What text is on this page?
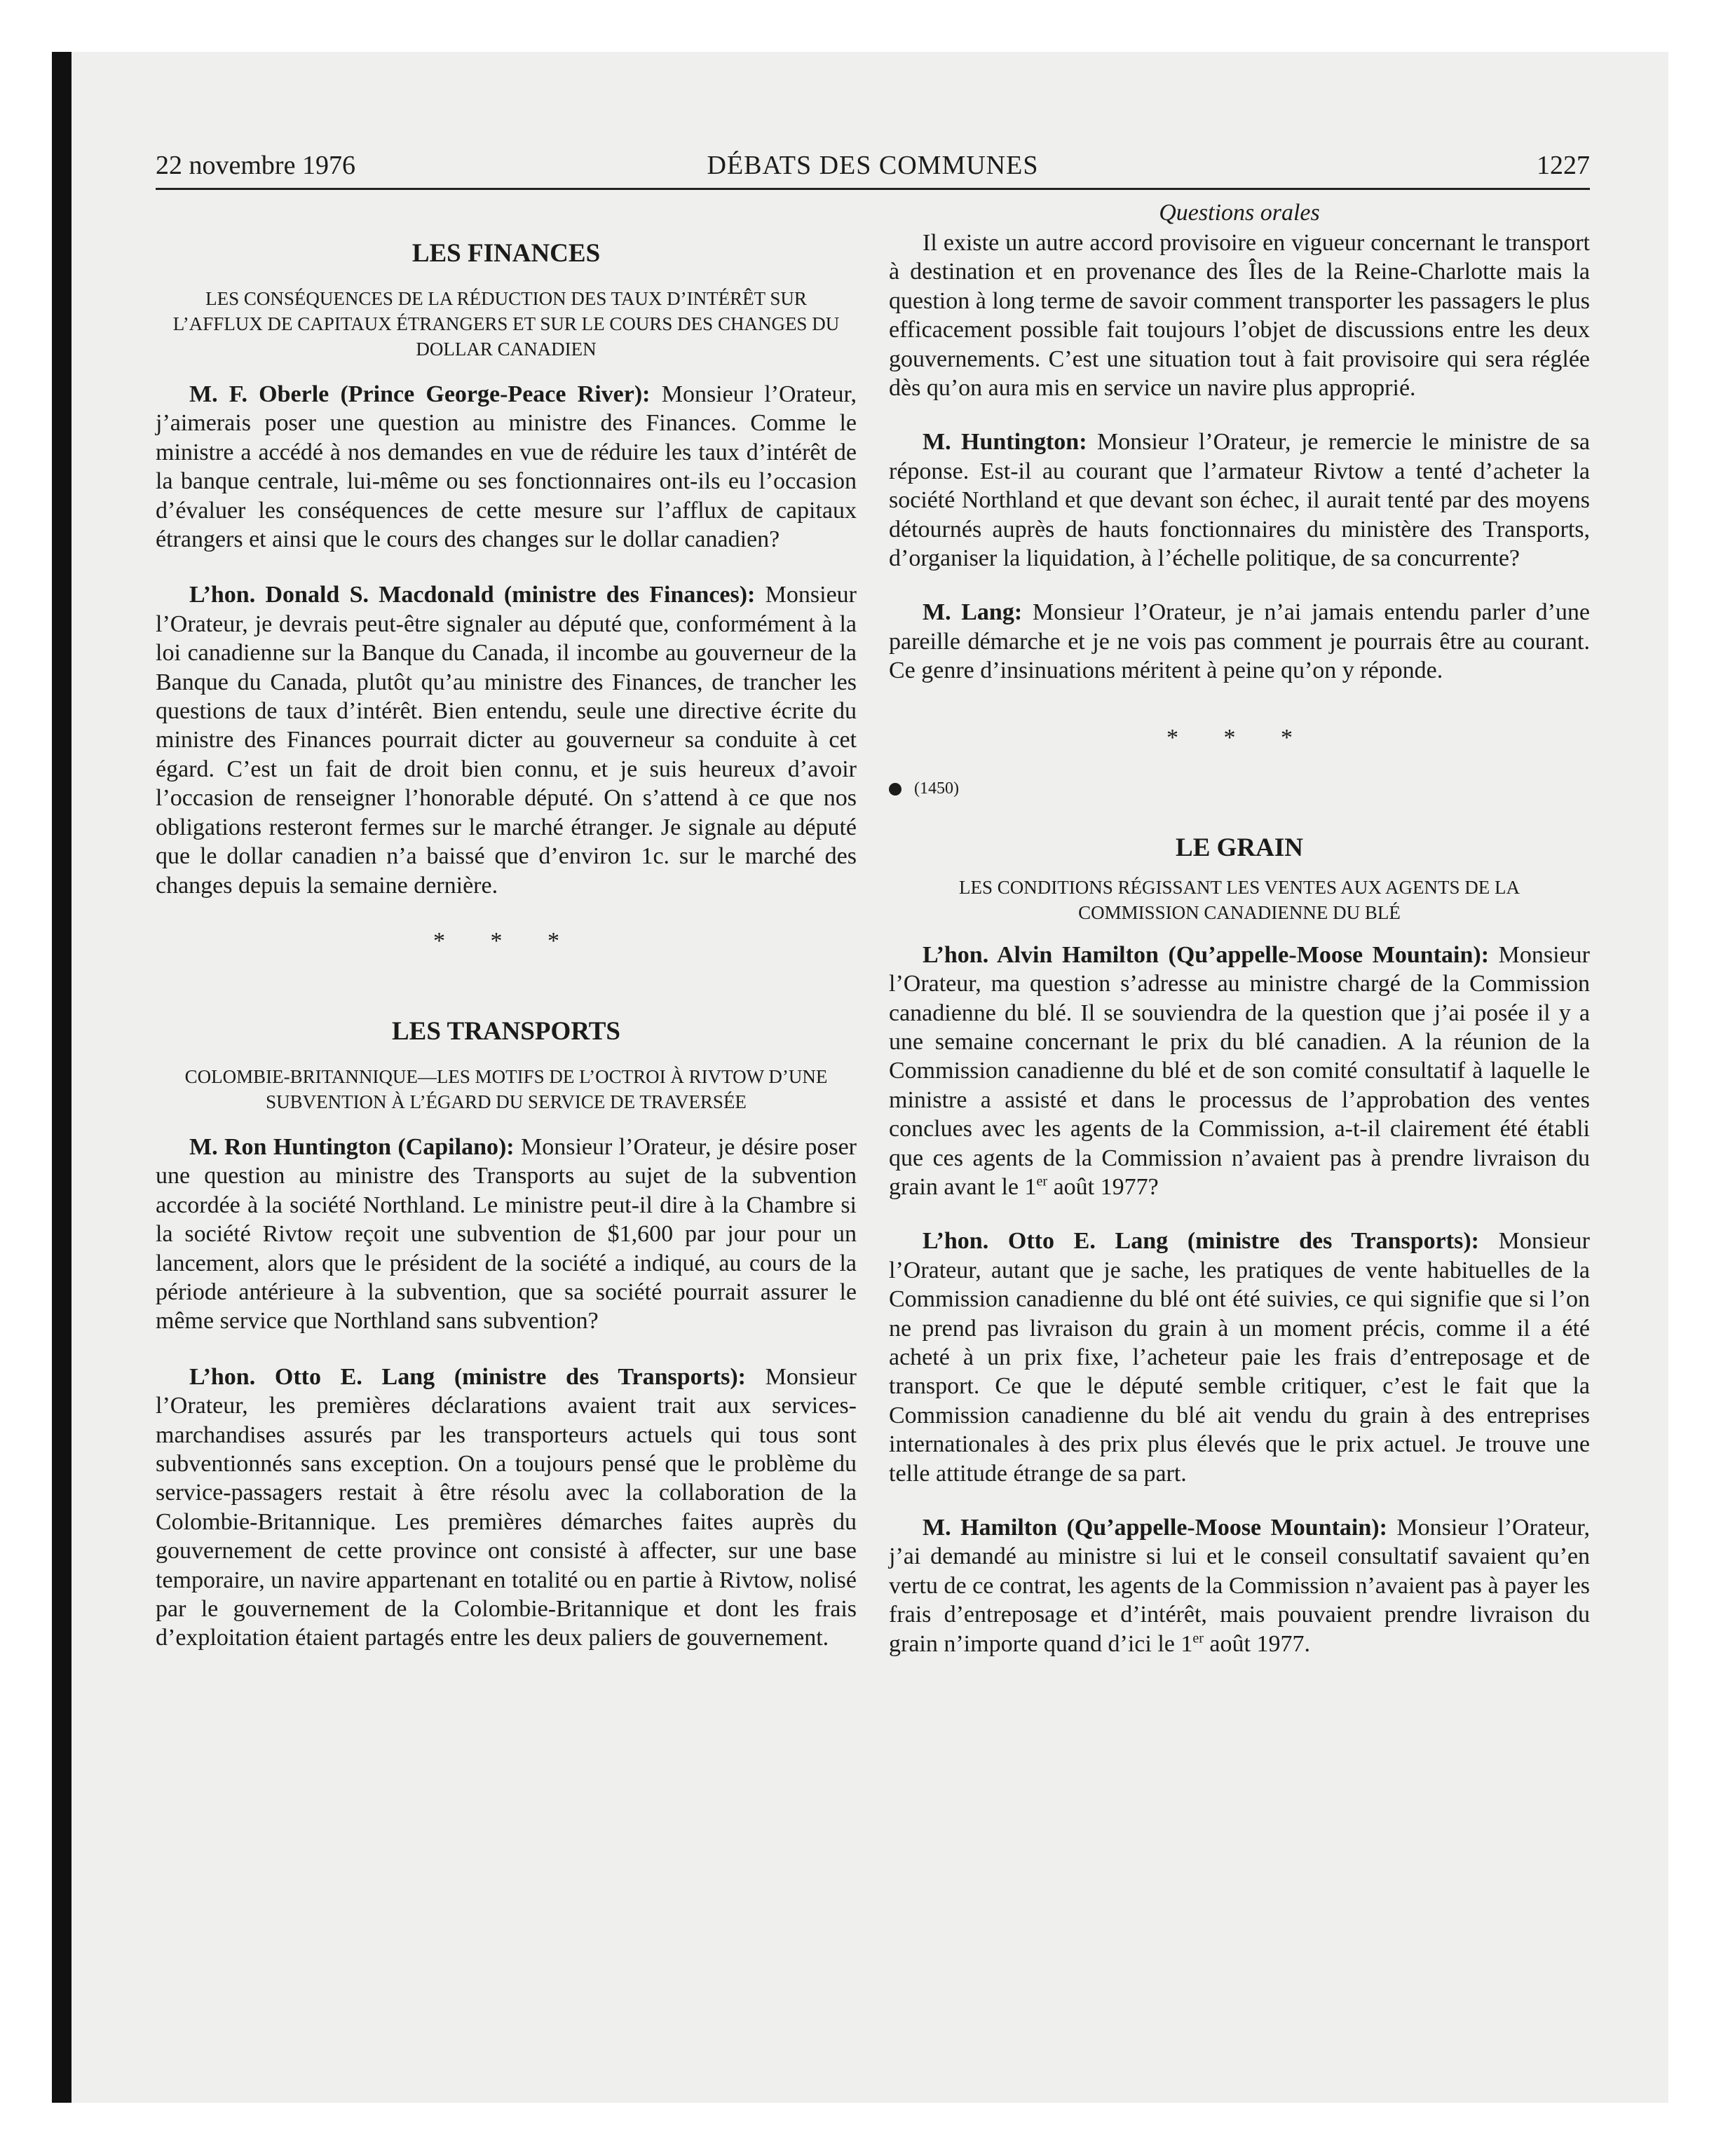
22 novembre 1976	DÉBATS DES COMMUNES	1227

LES FINANCES

LES CONSÉQUENCES DE LA RÉDUCTION DES TAUX D’INTÉRÊT SUR L’AFFLUX DE CAPITAUX ÉTRANGERS ET SUR LE COURS DES CHANGES DU DOLLAR CANADIEN

M. F. Oberle (Prince George-Peace River): Monsieur l’Orateur, j’aimerais poser une question au ministre des Finances. Comme le ministre a accédé à nos demandes en vue de réduire les taux d’intérêt de la banque centrale, lui-même ou ses fonctionnaires ont-ils eu l’occasion d’évaluer les conséquences de cette mesure sur l’afflux de capitaux étrangers et ainsi que le cours des changes sur le dollar canadien?

L’hon. Donald S. Macdonald (ministre des Finances): Monsieur l’Orateur, je devrais peut-être signaler au député que, conformément à la loi canadienne sur la Banque du Canada, il incombe au gouverneur de la Banque du Canada, plutôt qu’au ministre des Finances, de trancher les questions de taux d’intérêt. Bien entendu, seule une directive écrite du ministre des Finances pourrait dicter au gouverneur sa conduite à cet égard. C’est un fait de droit bien connu, et je suis heureux d’avoir l’occasion de renseigner l’honorable député. On s’attend à ce que nos obligations resteront fermes sur le marché étranger. Je signale au député que le dollar canadien n’a baissé que d’environ 1c. sur le marché des changes depuis la semaine dernière.

* * *

LES TRANSPORTS

COLOMBIE-BRITANNIQUE—LES MOTIFS DE L’OCTROI À RIVTOW D’UNE SUBVENTION À L’ÉGARD DU SERVICE DE TRAVERSÉE

M. Ron Huntington (Capilano): Monsieur l’Orateur, je désire poser une question au ministre des Transports au sujet de la subvention accordée à la société Northland. Le ministre peut-il dire à la Chambre si la société Rivtow reçoit une subvention de $1,600 par jour pour un lancement, alors que le président de la société a indiqué, au cours de la période antérieure à la subvention, que sa société pourrait assurer le même service que Northland sans subvention?

L’hon. Otto E. Lang (ministre des Transports): Monsieur l’Orateur, les premières déclarations avaient trait aux services-marchandises assurés par les transporteurs actuels qui tous sont subventionnés sans exception. On a toujours pensé que le problème du service-passagers restait à être résolu avec la collaboration de la Colombie-Britannique. Les premières démarches faites auprès du gouvernement de cette province ont consisté à affecter, sur une base temporaire, un navire appartenant en totalité ou en partie à Rivtow, nolisé par le gouvernement de la Colombie-Britannique et dont les frais d’exploitation étaient partagés entre les deux paliers de gouvernement.

Questions orales

Il existe un autre accord provisoire en vigueur concernant le transport à destination et en provenance des Îles de la Reine-Charlotte mais la question à long terme de savoir comment transporter les passagers le plus efficacement possible fait toujours l’objet de discussions entre les deux gouvernements. C’est une situation tout à fait provisoire qui sera réglée dès qu’on aura mis en service un navire plus approprié.

M. Huntington: Monsieur l’Orateur, je remercie le ministre de sa réponse. Est-il au courant que l’armateur Rivtow a tenté d’acheter la société Northland et que devant son échec, il aurait tenté par des moyens détournés auprès de hauts fonctionnaires du ministère des Transports, d’organiser la liquidation, à l’échelle politique, de sa concurrente?

M. Lang: Monsieur l’Orateur, je n’ai jamais entendu parler d’une pareille démarche et je ne vois pas comment je pourrais être au courant. Ce genre d’insinuations méritent à peine qu’on y réponde.

* * *

(1450)

LE GRAIN

LES CONDITIONS RÉGISSANT LES VENTES AUX AGENTS DE LA COMMISSION CANADIENNE DU BLÉ

L’hon. Alvin Hamilton (Qu’appelle-Moose Mountain): Monsieur l’Orateur, ma question s’adresse au ministre chargé de la Commission canadienne du blé. Il se souviendra de la question que j’ai posée il y a une semaine concernant le prix du blé canadien. A la réunion de la Commission canadienne du blé et de son comité consultatif à laquelle le ministre a assisté et dans le processus de l’approbation des ventes conclues avec les agents de la Commission, a-t-il clairement été établi que ces agents de la Commission n’avaient pas à prendre livraison du grain avant le 1er août 1977?

L’hon. Otto E. Lang (ministre des Transports): Monsieur l’Orateur, autant que je sache, les pratiques de vente habituelles de la Commission canadienne du blé ont été suivies, ce qui signifie que si l’on ne prend pas livraison du grain à un moment précis, comme il a été acheté à un prix fixe, l’acheteur paie les frais d’entreposage et de transport. Ce que le député semble critiquer, c’est le fait que la Commission canadienne du blé ait vendu du grain à des entreprises internationales à des prix plus élevés que le prix actuel. Je trouve une telle attitude étrange de sa part.

M. Hamilton (Qu’appelle-Moose Mountain): Monsieur l’Orateur, j’ai demandé au ministre si lui et le conseil consultatif savaient qu’en vertu de ce contrat, les agents de la Commission n’avaient pas à payer les frais d’entreposage et d’intérêt, mais pouvaient prendre livraison du grain n’importe quand d’ici le 1er août 1977.
